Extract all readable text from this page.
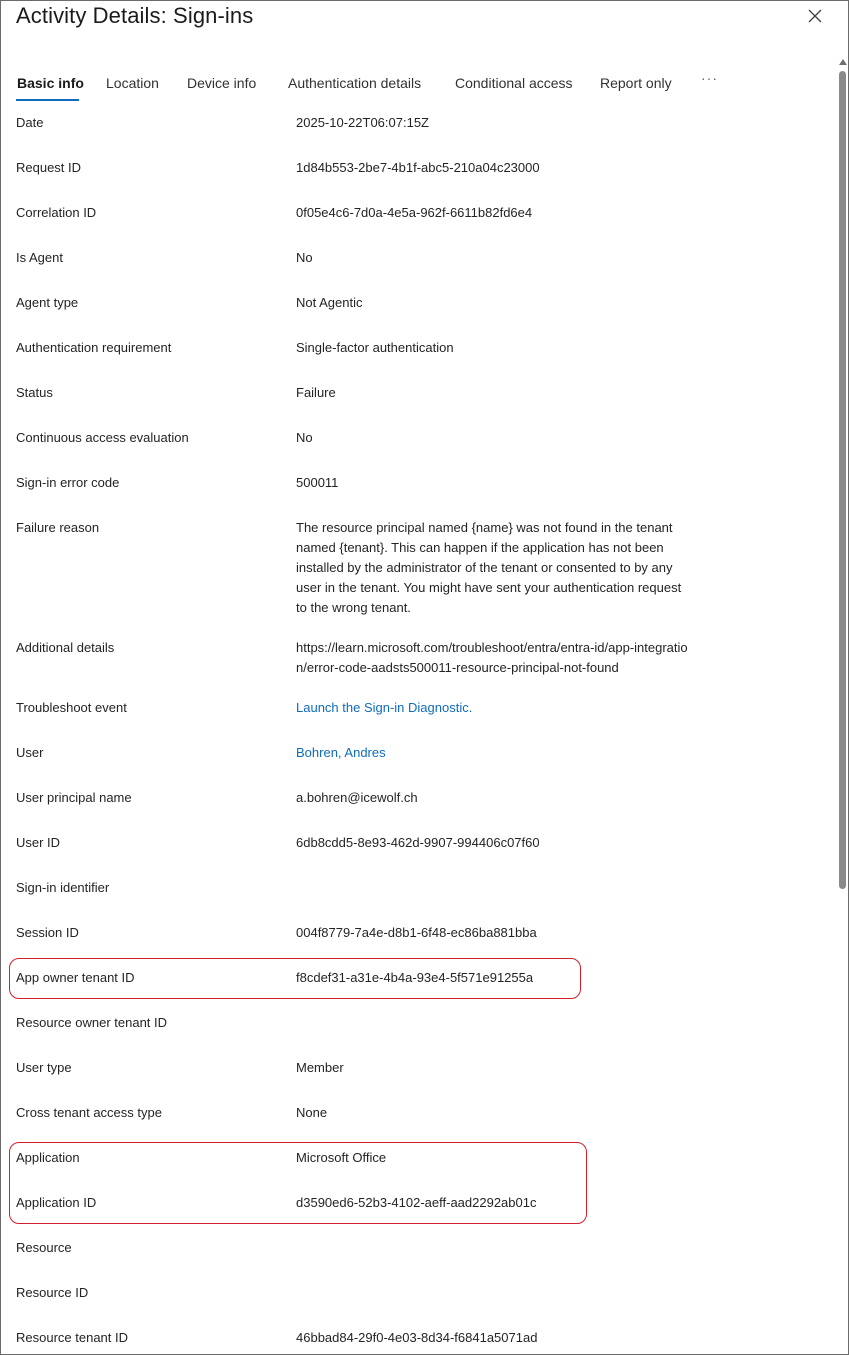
Activity Details: Sign-ins
Basic info Location Device info Authentication details Conditional access Report only ···
Date	2025-10-22T06:07:15Z
Request ID	1d84b553-2be7-4b1f-abc5-210a04c23000
Correlation ID	0f05e4c6-7d0a-4e5a-962f-6611b82fd6e4
Is Agent	No
Agent type	Not Agentic
Authentication requirement	Single-factor authentication
Status	Failure
Continuous access evaluation	No
Sign-in error code	500011
Failure reason	The resource principal named {name} was not found in the tenant named {tenant}. This can happen if the application has not been installed by the administrator of the tenant or consented to by any user in the tenant. You might have sent your authentication request to the wrong tenant.
Additional details	https://learn.microsoft.com/troubleshoot/entra/entra-id/app-integration/error-code-aadsts500011-resource-principal-not-found
Troubleshoot event	Launch the Sign-in Diagnostic.
User	Bohren, Andres
User principal name	a.bohren@icewolf.ch
User ID	6db8cdd5-8e93-462d-9907-994406c07f60
Sign-in identifier
Session ID	004f8779-7a4e-d8b1-6f48-ec86ba881bba
App owner tenant ID	f8cdef31-a31e-4b4a-93e4-5f571e91255a
Resource owner tenant ID
User type	Member
Cross tenant access type	None
Application	Microsoft Office
Application ID	d3590ed6-52b3-4102-aeff-aad2292ab01c
Resource
Resource ID
Resource tenant ID	46bbad84-29f0-4e03-8d34-f6841a5071ad
